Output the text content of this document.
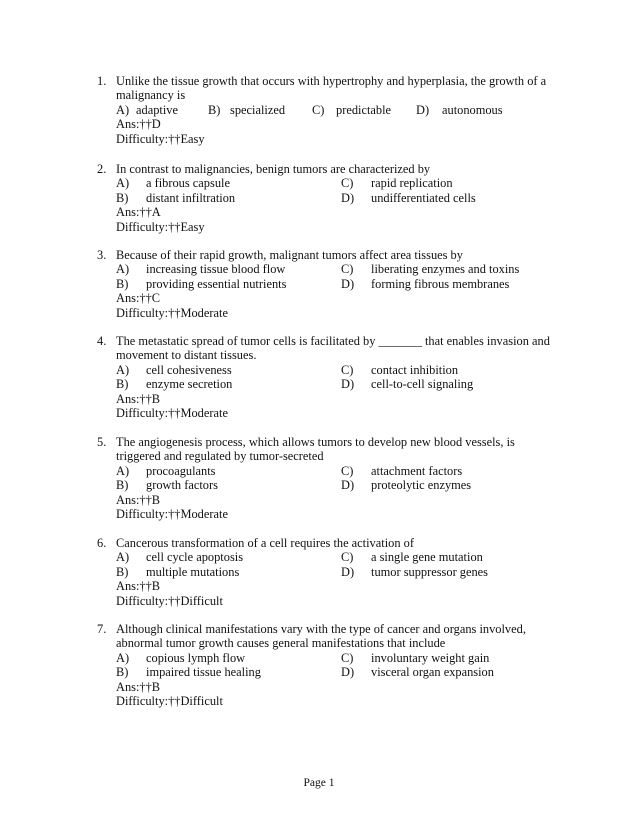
1. Unlike the tissue growth that occurs with hypertrophy and hyperplasia, the growth of a
malignancy is
A) adaptive	B) specialized	C) predictable	D)	autonomous
Ans:††D
Difficulty:††Easy
2. In contrast to malignancies, benign tumors are characterized by
A)	a fibrous capsule	C)	rapid replication
B)	distant infiltration	D)	undifferentiated cells
Ans:††A
Difficulty:††Easy
3. Because of their rapid growth, malignant tumors affect area tissues by
A)	increasing tissue blood flow	C)	liberating enzymes and toxins
B)	providing essential nutrients	D)	forming fibrous membranes
Ans:††C
Difficulty:††Moderate
4. The metastatic spread of tumor cells is facilitated by _______ that enables invasion and
movement to distant tissues.
A)	cell cohesiveness	C)	contact inhibition
B)	enzyme secretion	D)	cell-to-cell signaling
Ans:††B
Difficulty:††Moderate
5. The angiogenesis process, which allows tumors to develop new blood vessels, is
triggered and regulated by tumor-secreted
A)	procoagulants	C)	attachment factors
B)	growth factors	D)	proteolytic enzymes
Ans:††B
Difficulty:††Moderate
6. Cancerous transformation of a cell requires the activation of
A)	cell cycle apoptosis	C)	a single gene mutation
B)	multiple mutations	D)	tumor suppressor genes
Ans:††B
Difficulty:††Difficult
7. Although clinical manifestations vary with the type of cancer and organs involved,
abnormal tumor growth causes general manifestations that include
A)	copious lymph flow	C)	involuntary weight gain
B)	impaired tissue healing	D)	visceral organ expansion
Ans:††B
Difficulty:††Difficult
Page 1
